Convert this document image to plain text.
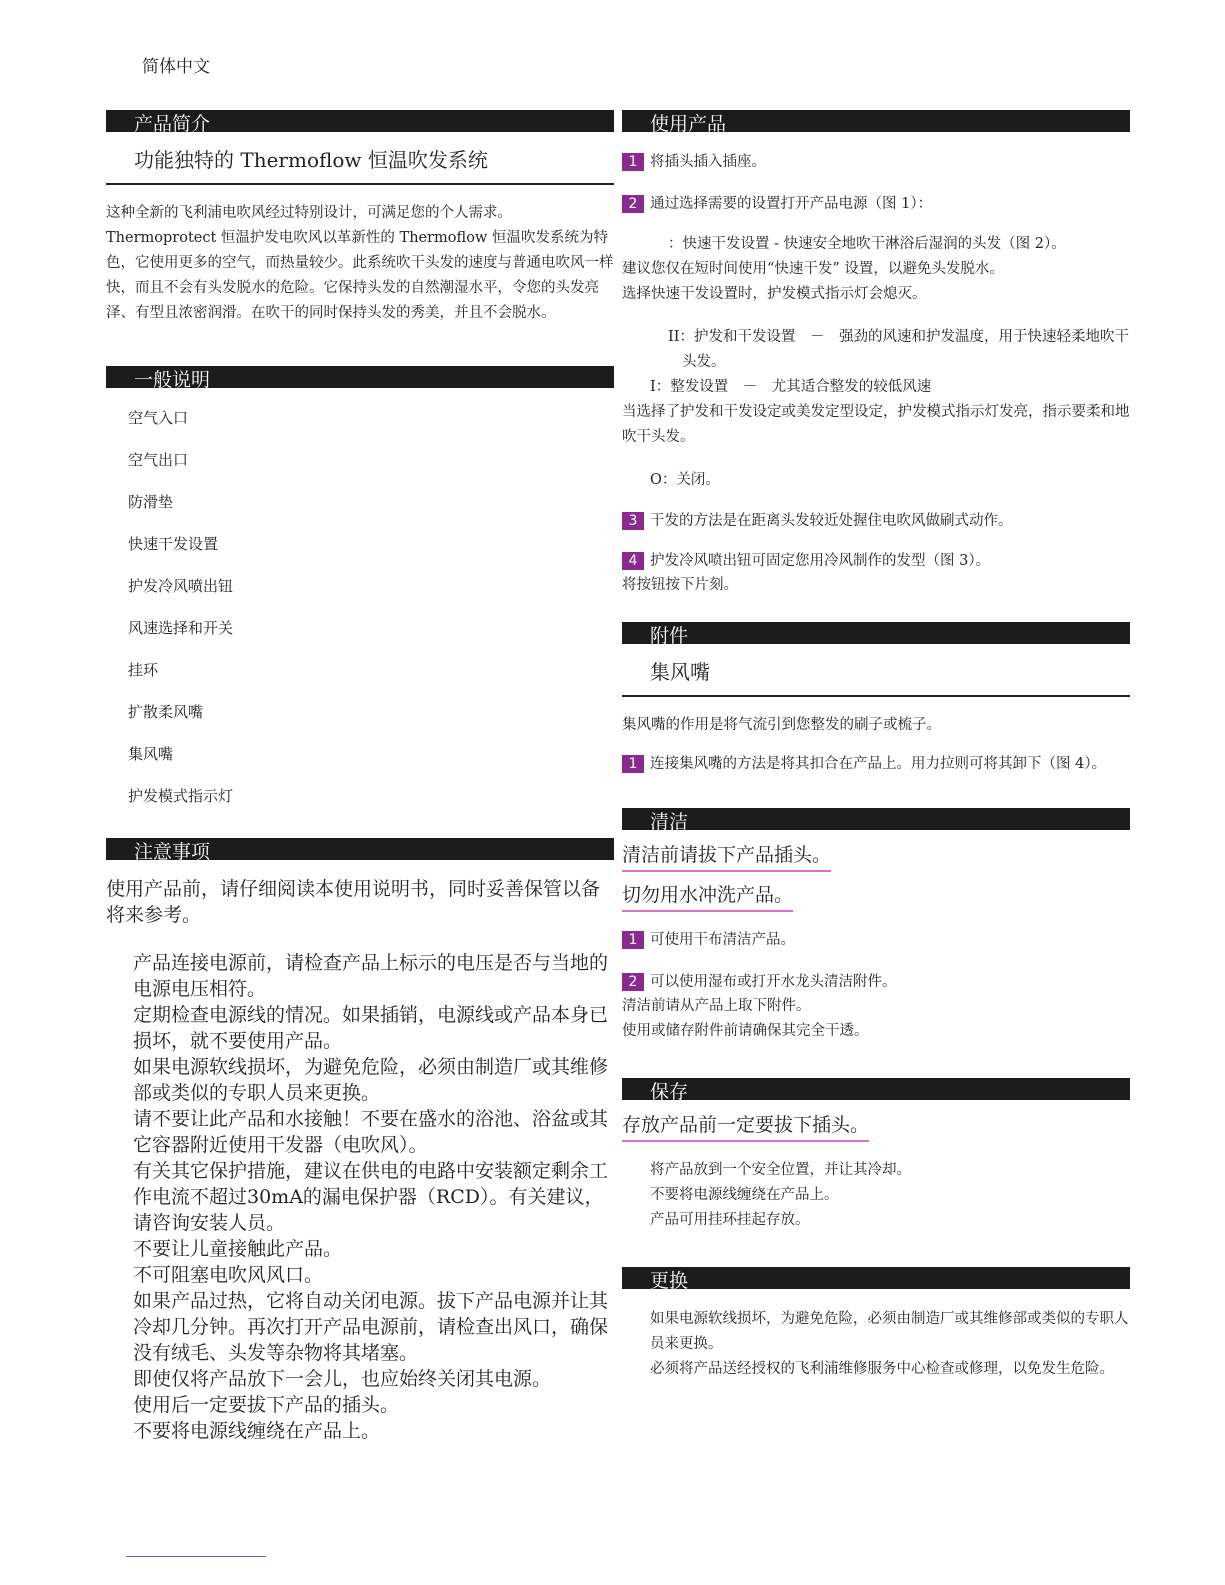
简体中文
产品简介
功能独特的 Thermoflow 恒温吹发系统

这种全新的飞利浦电吹风经过特别设计，可满足您的个人需求。Thermoprotect 恒温护发电吹风以革新性的 Thermoflow 恒温吹发系统为特色，它使用更多的空气，而热量较少。此系统吹干头发的速度与普通电吹风一样快，而且不会有头发脱水的危险。它保持头发的自然潮湿水平，令您的头发亮泽、有型且浓密润滑。在吹干的同时保持头发的秀美，并且不会脱水。

一般说明
空气入口
空气出口
防滑垫
快速干发设置
护发冷风喷出钮
风速选择和开关
挂环
扩散柔风嘴
集风嘴
护发模式指示灯
注意事项

使用产品前，请仔细阅读本使用说明书，同时妥善保管以备将来参考。

产品连接电源前，请检查产品上标示的电压是否与当地的电源电压相符。
定期检查电源线的情况。如果插销，电源线或产品本身已损坏，就不要使用产品。
如果电源软线损坏，为避免危险，必须由制造厂或其维修部或类似的专职人员来更换。
请不要让此产品和水接触！不要在盛水的浴池、浴盆或其它容器附近使用干发器（电吹风）。
有关其它保护措施，建议在供电的电路中安装额定剩余工作电流不超过30mA的漏电保护器（RCD）。有关建议，请咨询安装人员。
不要让儿童接触此产品。
不可阻塞电吹风风口。
如果产品过热，它将自动关闭电源。拔下产品电源并让其冷却几分钟。再次打开产品电源前，请检查出风口，确保没有绒毛、头发等杂物将其堵塞。
即使仅将产品放下一会儿，也应始终关闭其电源。
使用后一定要拔下产品的插头。
不要将电源线缠绕在产品上。
使用产品
1 将插头插入插座。
2 通过选择需要的设置打开产品电源（图 1）：

：快速干发设置 - 快速安全地吹干淋浴后湿润的头发（图 2）。

建议您仅在短时间使用“快速干发” 设置，以避免头发脱水。

选择快速干发设置时，护发模式指示灯会熄灭。

II：护发和干发设置　－　强劲的风速和护发温度，用于快速轻柔地吹干头发。

I：整发设置　－　尤其适合整发的较低风速

当选择了护发和干发设定或美发定型设定，护发模式指示灯发亮，指示要柔和地吹干头发。

O：关闭。

3 干发的方法是在距离头发较近处握住电吹风做刷式动作。
4 护发冷风喷出钮可固定您用冷风制作的发型（图 3）。

将按钮按下片刻。

附件
集风嘴

集风嘴的作用是将气流引到您整发的刷子或梳子。

1 连接集风嘴的方法是将其扣合在产品上。用力拉则可将其卸下（图 4）。
清洁
清洁前请拔下产品插头。
切勿用水冲洗产品。
1 可使用干布清洁产品。
2 可以使用湿布或打开水龙头清洁附件。

清洁前请从产品上取下附件。

使用或储存附件前请确保其完全干透。

保存
存放产品前一定要拔下插头。

将产品放到一个安全位置，并让其冷却。

不要将电源线缠绕在产品上。

产品可用挂环挂起存放。

更换

如果电源软线损坏，为避免危险，必须由制造厂或其维修部或类似的专职人员来更换。

必须将产品送经授权的飞利浦维修服务中心检查或修理，以免发生危险。
